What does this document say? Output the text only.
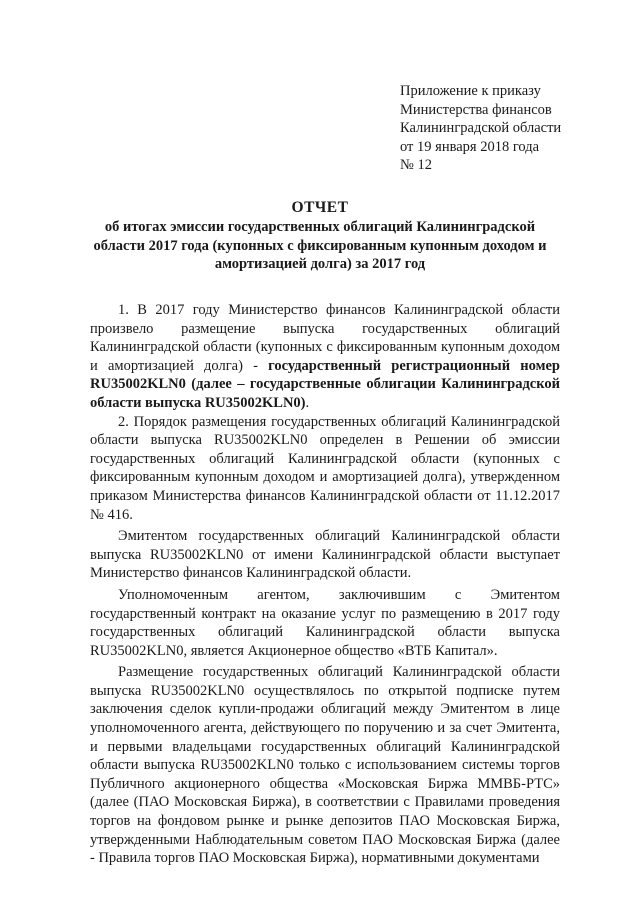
Приложение к приказу
Министерства финансов
Калининградской области
от 19 января 2018 года
№ 12
ОТЧЕТ
об итогах эмиссии государственных облигаций Калининградской области 2017 года (купонных с фиксированным купонным доходом и амортизацией долга) за 2017 год

1. В 2017 году Министерство финансов Калининградской области произвело размещение выпуска государственных облигаций Калининградской области (купонных с фиксированным купонным доходом и амортизацией долга) - государственный регистрационный номер RU35002KLN0 (далее – государственные облигации Калининградской области выпуска RU35002KLN0).

2. Порядок размещения государственных облигаций Калининградской области выпуска RU35002KLN0 определен в Решении об эмиссии государственных облигаций Калининградской области (купонных с фиксированным купонным доходом и амортизацией долга), утвержденном приказом Министерства финансов Калининградской области от 11.12.2017 № 416.

Эмитентом государственных облигаций Калининградской области выпуска RU35002KLN0 от имени Калининградской области выступает Министерство финансов Калининградской области.

Уполномоченным агентом, заключившим с Эмитентом государственный контракт на оказание услуг по размещению в 2017 году государственных облигаций Калининградской области выпуска RU35002KLN0, является Акционерное общество «ВТБ Капитал».

Размещение государственных облигаций Калининградской области выпуска RU35002KLN0 осуществлялось по открытой подписке путем заключения сделок купли-продажи облигаций между Эмитентом в лице уполномоченного агента, действующего по поручению и за счет Эмитента, и первыми владельцами государственных облигаций Калининградской области выпуска RU35002KLN0 только с использованием системы торгов Публичного акционерного общества «Московская Биржа ММВБ-РТС» (далее (ПАО Московская Биржа), в соответствии с Правилами проведения торгов на фондовом рынке и рынке депозитов ПАО Московская Биржа, утвержденными Наблюдательным советом ПАО Московская Биржа (далее - Правила торгов ПАО Московская Биржа), нормативными документами
